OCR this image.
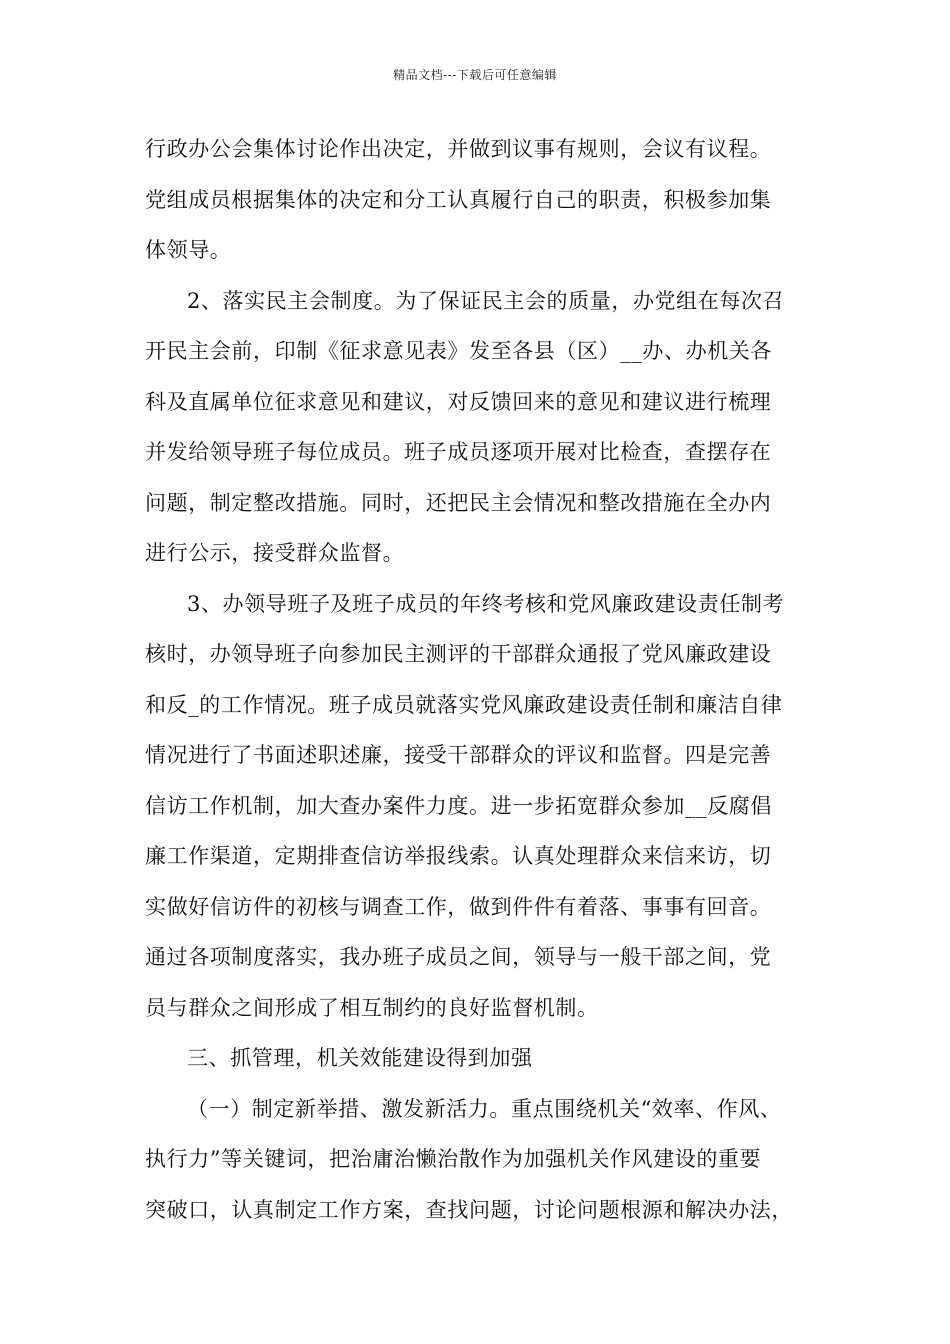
精品文档---下载后可任意编辑
行政办公会集体讨论作出决定，并做到议事有规则，会议有议程。
党组成员根据集体的决定和分工认真履行自己的职责，积极参加集
体领导。
2、落实民主会制度。为了保证民主会的质量，办党组在每次召
开民主会前，印制《征求意见表》发至各县（区）__办、办机关各
科及直属单位征求意见和建议，对反馈回来的意见和建议进行梳理
并发给领导班子每位成员。班子成员逐项开展对比检查，查摆存在
问题，制定整改措施。同时，还把民主会情况和整改措施在全办内
进行公示，接受群众监督。
3、办领导班子及班子成员的年终考核和党风廉政建设责任制考
核时，办领导班子向参加民主测评的干部群众通报了党风廉政建设
和反_的工作情况。班子成员就落实党风廉政建设责任制和廉洁自律
情况进行了书面述职述廉，接受干部群众的评议和监督。四是完善
信访工作机制，加大查办案件力度。进一步拓宽群众参加__反腐倡
廉工作渠道，定期排查信访举报线索。认真处理群众来信来访，切
实做好信访件的初核与调查工作，做到件件有着落、事事有回音。
通过各项制度落实，我办班子成员之间，领导与一般干部之间，党
员与群众之间形成了相互制约的良好监督机制。
三、抓管理，机关效能建设得到加强
（一）制定新举措、激发新活力。重点围绕机关“效率、作风、
执行力”等关键词，把治庸治懒治散作为加强机关作风建设的重要
突破口，认真制定工作方案，查找问题，讨论问题根源和解决办法，
